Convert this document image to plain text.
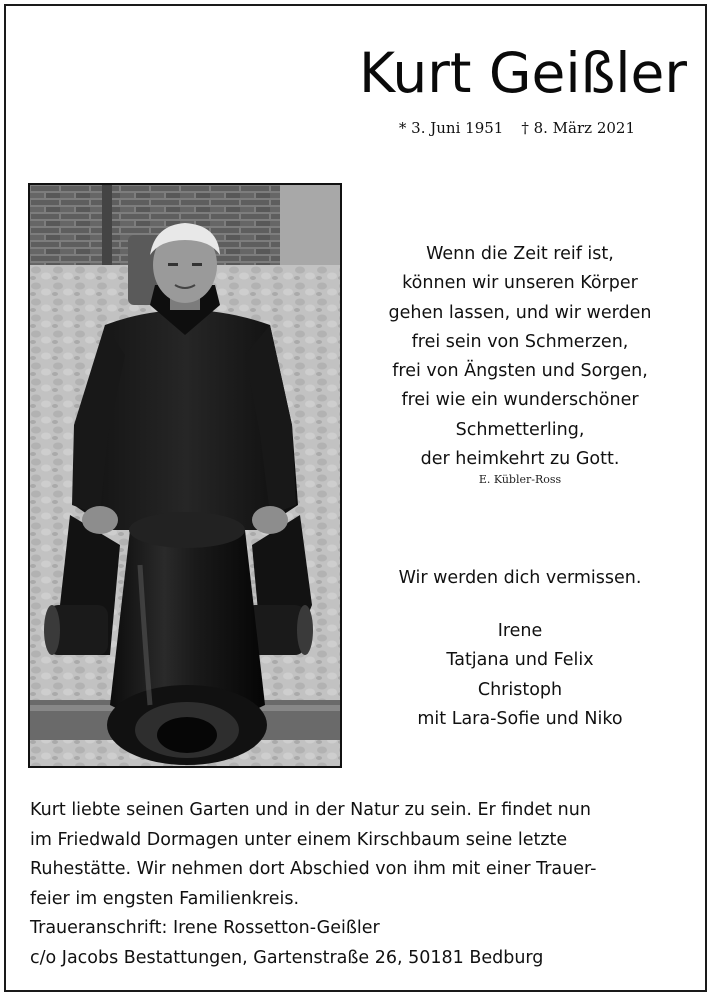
Kurt Geißler
* 3. Juni 1951 † 8. März 2021
Wenn die Zeit reif ist,
können wir unseren Körper
gehen lassen, und wir werden
frei sein von Schmerzen,
frei von Ängsten und Sorgen,
frei wie ein wunderschöner
Schmetterling,
der heimkehrt zu Gott.
E. Kübler-Ross
Wir werden dich vermissen.
Irene
Tatjana und Felix
Christoph
mit Lara-Sofie und Niko
Kurt liebte seinen Garten und in der Natur zu sein. Er findet nun
im Friedwald Dormagen unter einem Kirschbaum seine letzte
Ruhestätte. Wir nehmen dort Abschied von ihm mit einer Trauer-
feier im engsten Familienkreis.
Traueranschrift: Irene Rossetton-Geißler
c/o Jacobs Bestattungen, Gartenstraße 26, 50181 Bedburg
